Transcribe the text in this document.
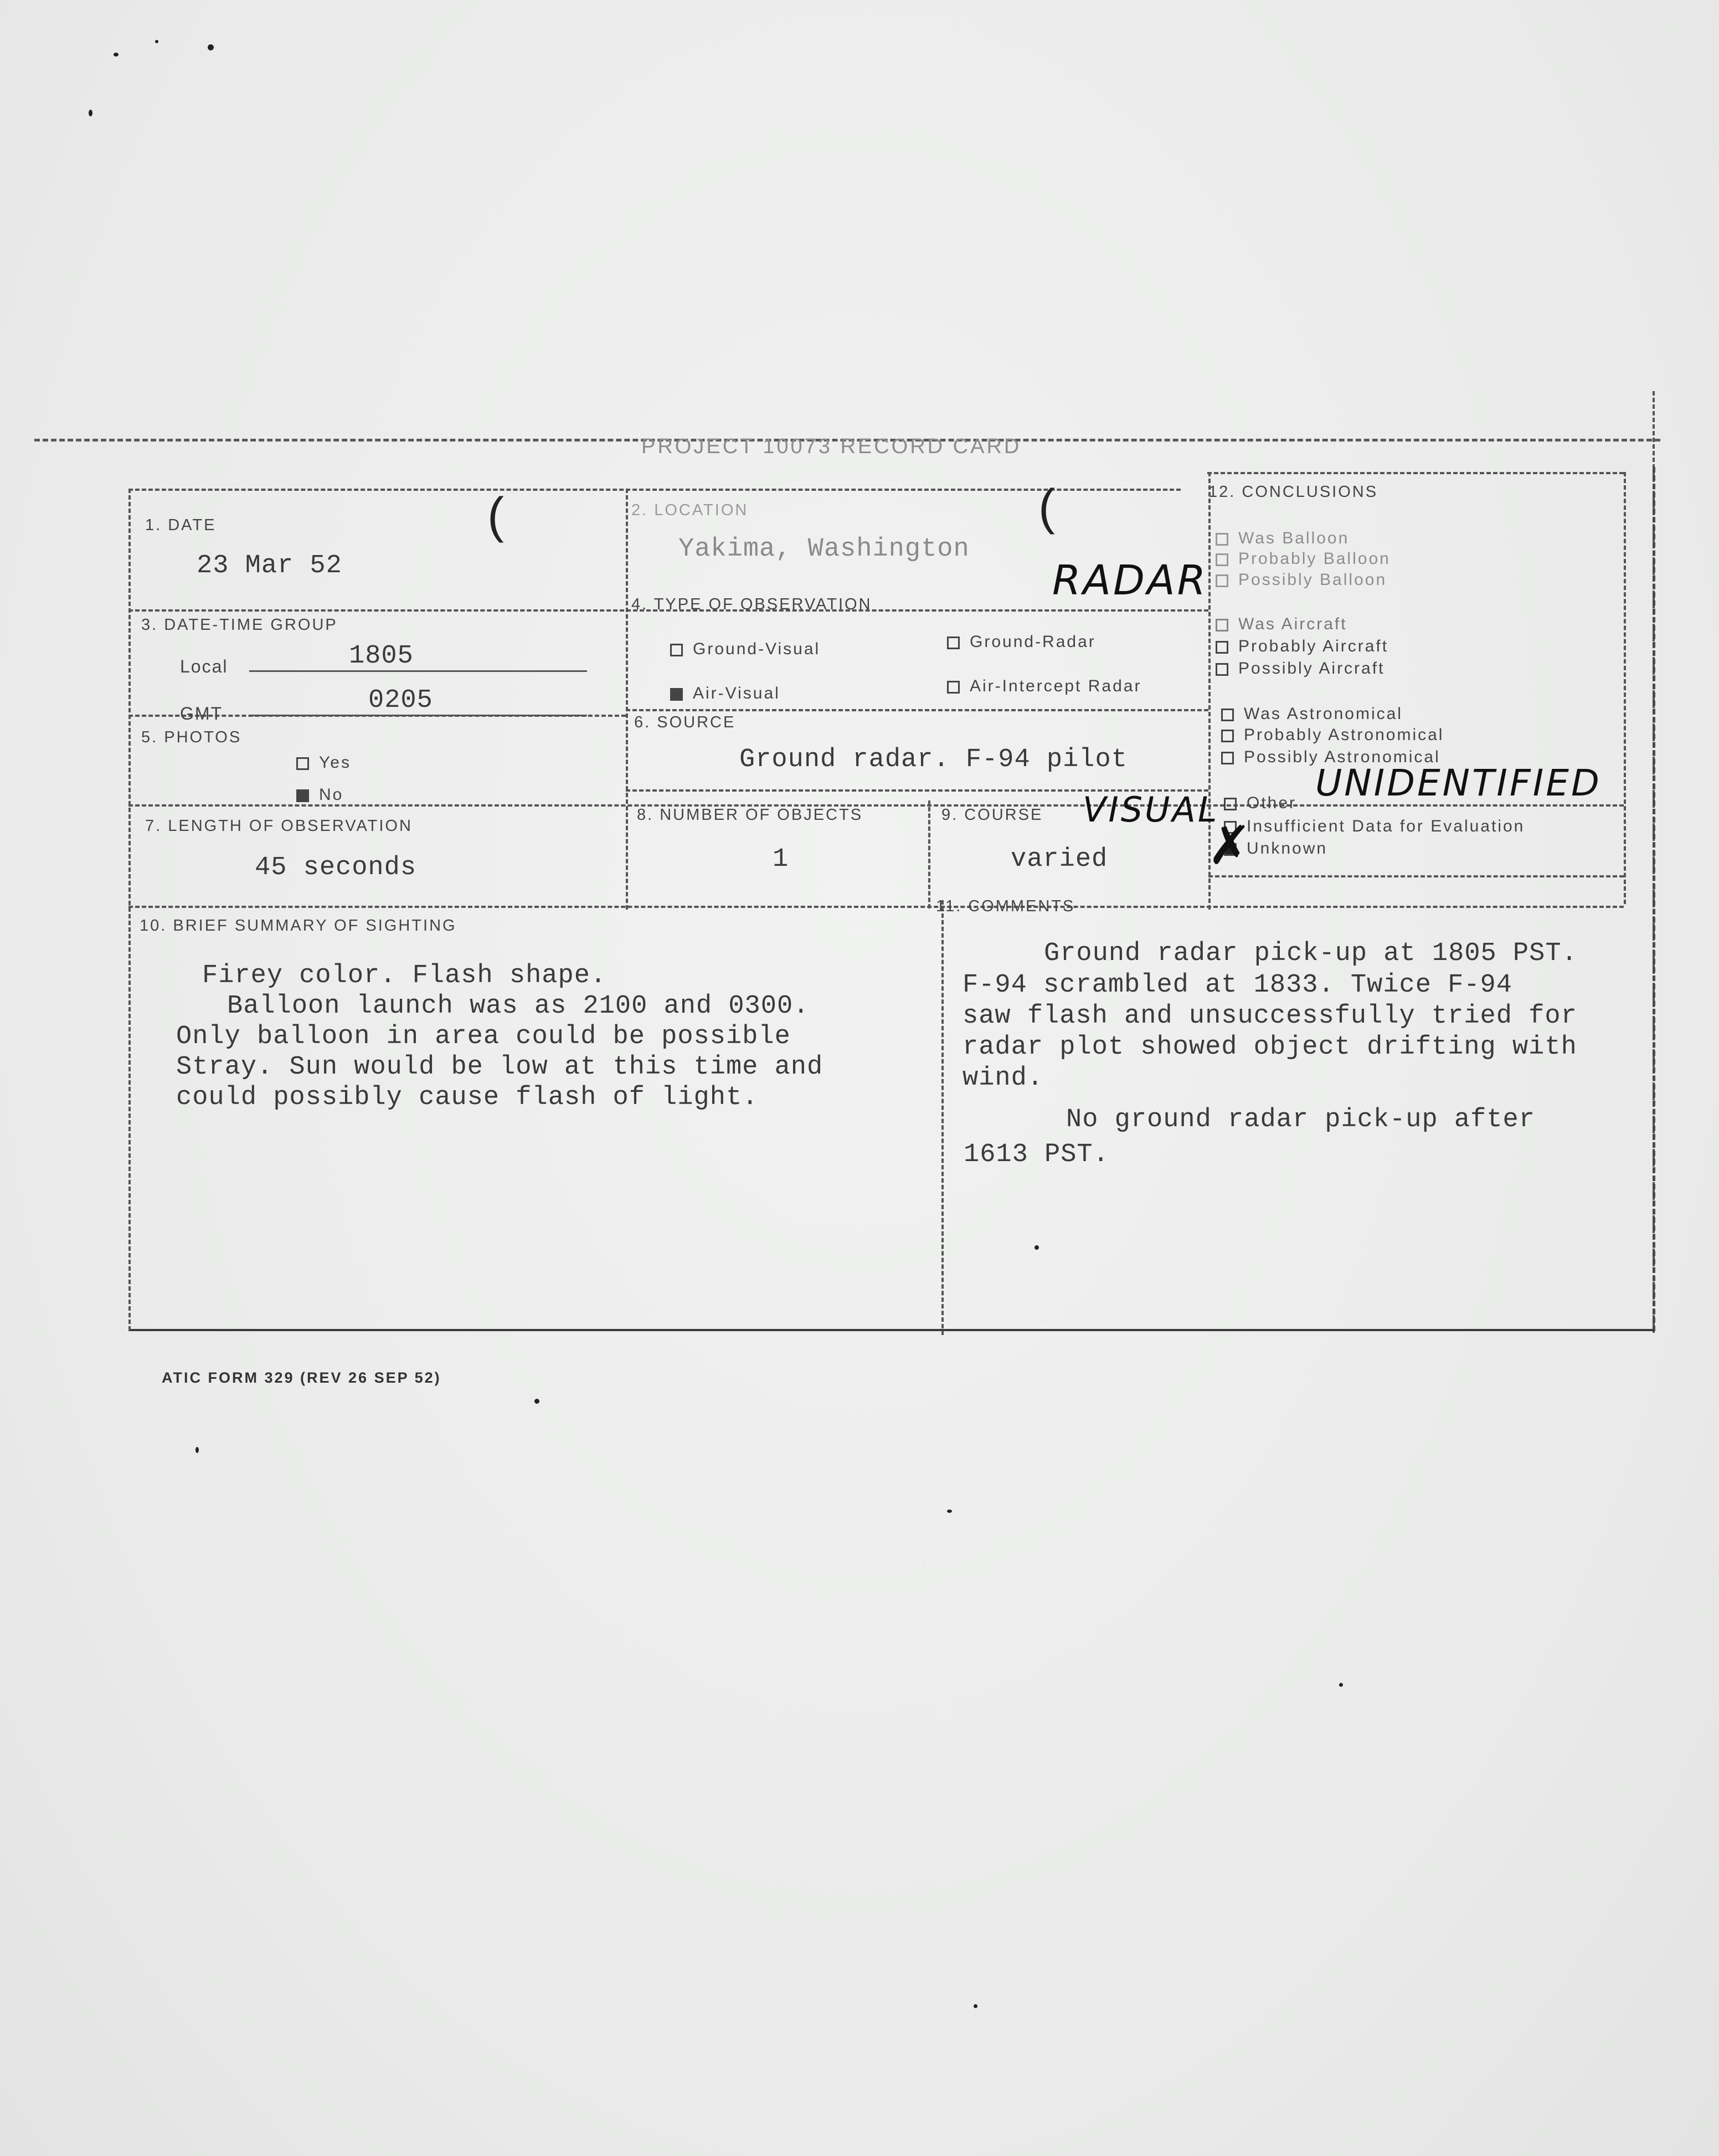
PROJECT 10073 RECORD CARD
1. DATE
23 Mar 52
(	2. LOCATION
Yakima, Washington
(
RADAR
3. DATE-TIME GROUP
Local	1805
GMT	0205
4. TYPE OF OBSERVATION
Ground-Visual	Ground-Radar
Air-Visual	Air-Intercept Radar
5. PHOTOS
Yes
No
6. SOURCE
Ground radar. F-94 pilot
7. LENGTH OF OBSERVATION
45 seconds
8. NUMBER OF OBJECTS
1
9. COURSE
varied
VISUAL
12. CONCLUSIONS
Was Balloon
Probably Balloon
Possibly Balloon
Was Aircraft
Probably Aircraft
Possibly Aircraft
Was Astronomical
Probably Astronomical
Possibly Astronomical
Other
Insufficient Data for Evaluation
Unknown
✗
UNIDENTIFIED
10. BRIEF SUMMARY OF SIGHTING
Firey color. Flash shape.
Balloon launch was as 2100 and 0300.
Only balloon in area could be possible
Stray. Sun would be low at this time and
could possibly cause flash of light.
11. COMMENTS
Ground radar pick-up at 1805 PST.
F-94 scrambled at 1833. Twice F-94
saw flash and unsuccessfully tried for
radar plot showed object drifting with
wind.
No ground radar pick-up after
1613 PST.
ATIC FORM 329 (REV 26 SEP 52)
